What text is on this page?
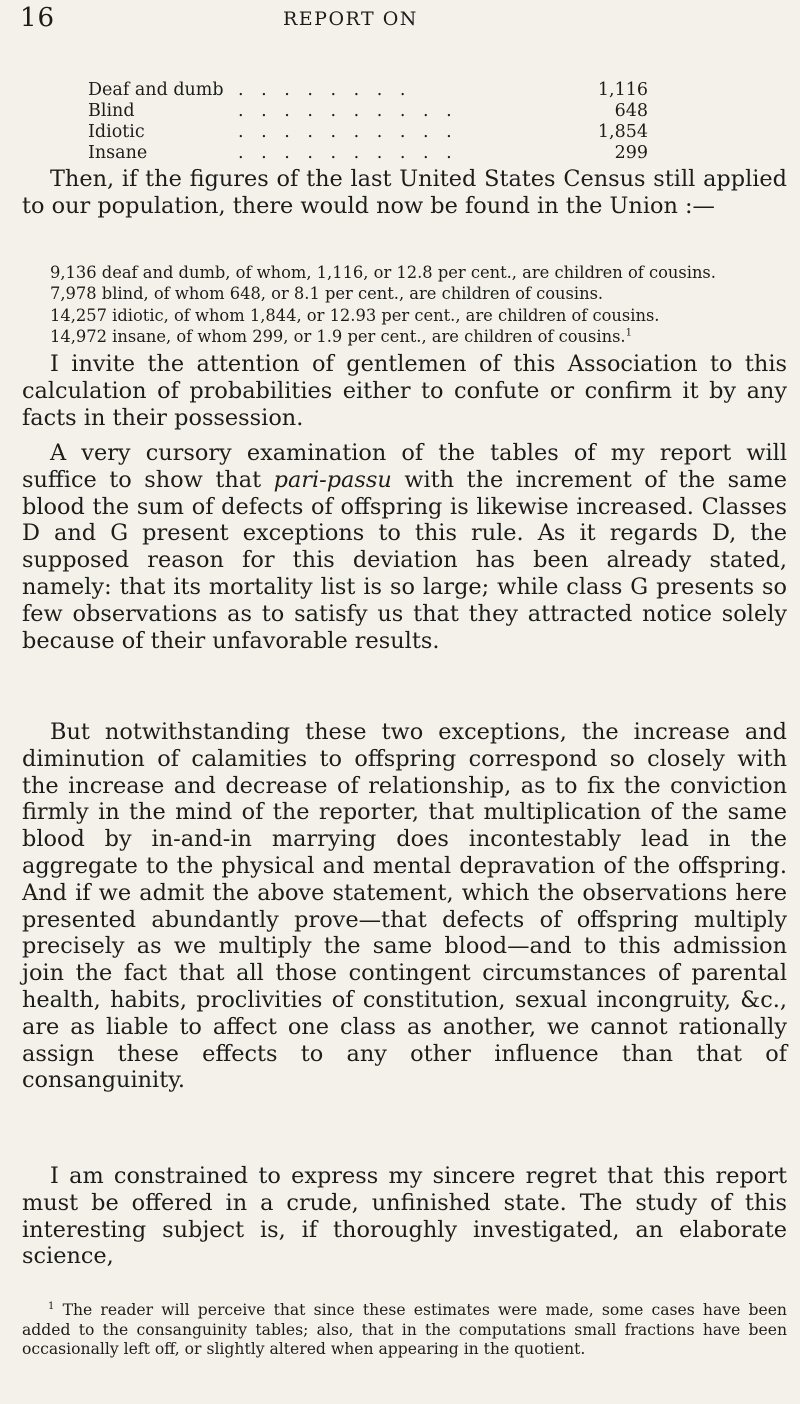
16	REPORT ON
Deaf and dumb . . . . . . . .	1,116
Blind	. . . . . . . . . .	648
Idiotic	. . . . . . . . . .	1,854
Insane	. . . . . . . . . .	299

Then, if the figures of the last United States Census still applied to our population, there would now be found in the Union :—

9,136 deaf and dumb, of whom, 1,116, or 12.8 per cent., are children of cousins.
7,978 blind, of whom 648, or 8.1 per cent., are children of cousins.
14,257 idiotic, of whom 1,844, or 12.93 per cent., are children of cousins.
14,972 insane, of whom 299, or 1.9 per cent., are children of cousins.$^1$

I invite the attention of gentlemen of this Association to this calculation of probabilities either to confute or confirm it by any facts in their possession.

A very cursory examination of the tables of my report will suffice to show that pari-passu with the increment of the same blood the sum of defects of offspring is likewise increased. Classes D and G present exceptions to this rule. As it regards D, the supposed reason for this deviation has been already stated, namely: that its mortality list is so large; while class G presents so few observations as to satisfy us that they attracted notice solely because of their unfavorable results.

But notwithstanding these two exceptions, the increase and diminution of calamities to offspring correspond so closely with the increase and decrease of relationship, as to fix the conviction firmly in the mind of the reporter, that multiplication of the same blood by in-and-in marrying does incontestably lead in the aggregate to the physical and mental depravation of the offspring. And if we admit the above statement, which the observations here presented abundantly prove—that defects of offspring multiply precisely as we multiply the same blood—and to this admission join the fact that all those contingent circumstances of parental health, habits, proclivities of constitution, sexual incongruity, &c., are as liable to affect one class as another, we cannot rationally assign these effects to any other influence than that of consanguinity.

I am constrained to express my sincere regret that this report must be offered in a crude, unfinished state. The study of this interesting subject is, if thoroughly investigated, an elaborate science,

$^1$ The reader will perceive that since these estimates were made, some cases have been added to the consanguinity tables; also, that in the computations small fractions have been occasionally left off, or slightly altered when appearing in the quotient.
